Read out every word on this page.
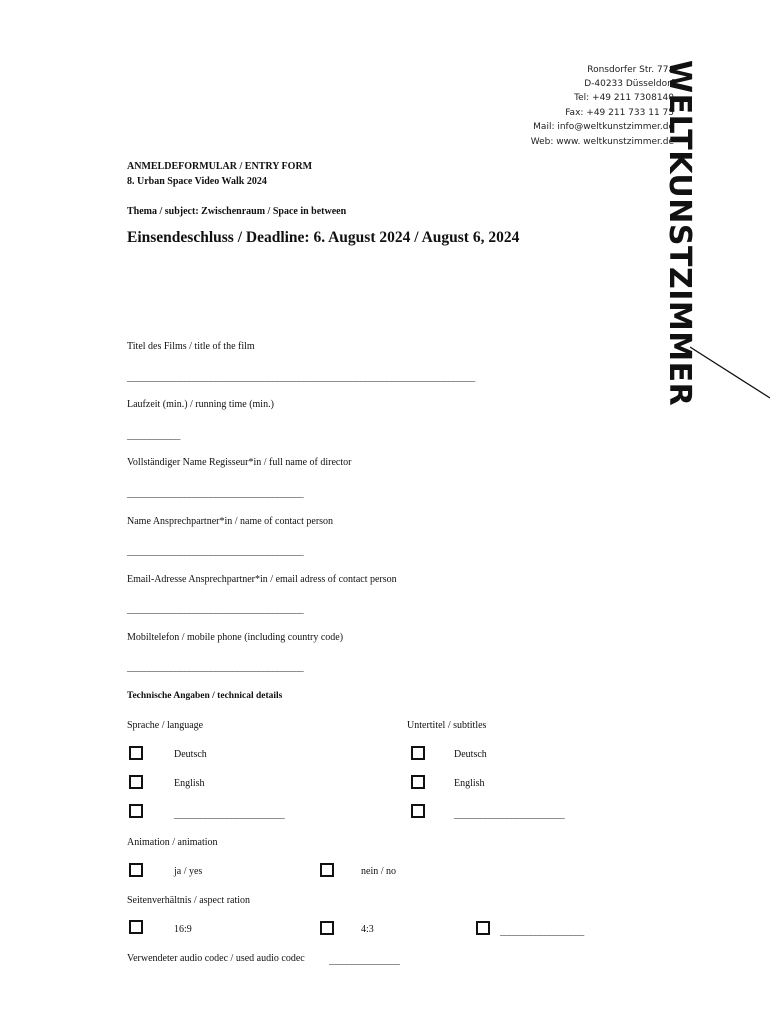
Ronsdorfer Str. 77a
D-40233 Düsseldorf
Tel: +49 211 7308140
Fax: +49 211 733 11 75
Mail: info@weltkunstzimmer.de
Web: www. weltkunstzimmer.de
WELTKUNSTZIMMER
ANMELDEFORMULAR / ENTRY FORM
8. Urban Space Video Walk 2024
Thema / subject: Zwischenraum / Space in between
Einsendeschluss / Deadline: 6. August 2024 / August 6, 2024
Titel des Films / title of the film
_______________________________________________________________________________
Laufzeit (min.) / running time (min.)
____________
Vollständiger Name Regisseur*in / full name of director
________________________________________
Name Ansprechpartner*in / name of contact person
________________________________________
Email-Adresse Ansprechpartner*in / email adress of contact person
________________________________________
Mobiltelefon / mobile phone (including country code)
________________________________________
Technische Angaben / technical details
Sprache / language	Untertitel / subtitles
Deutsch	Deutsch
English	English
_________________________	_________________________
Animation / animation
ja / yes	nein / no
Seitenverhältnis / aspect ration
16:9	4:3	___________________
Verwendeter audio codec / used audio codec ________________
